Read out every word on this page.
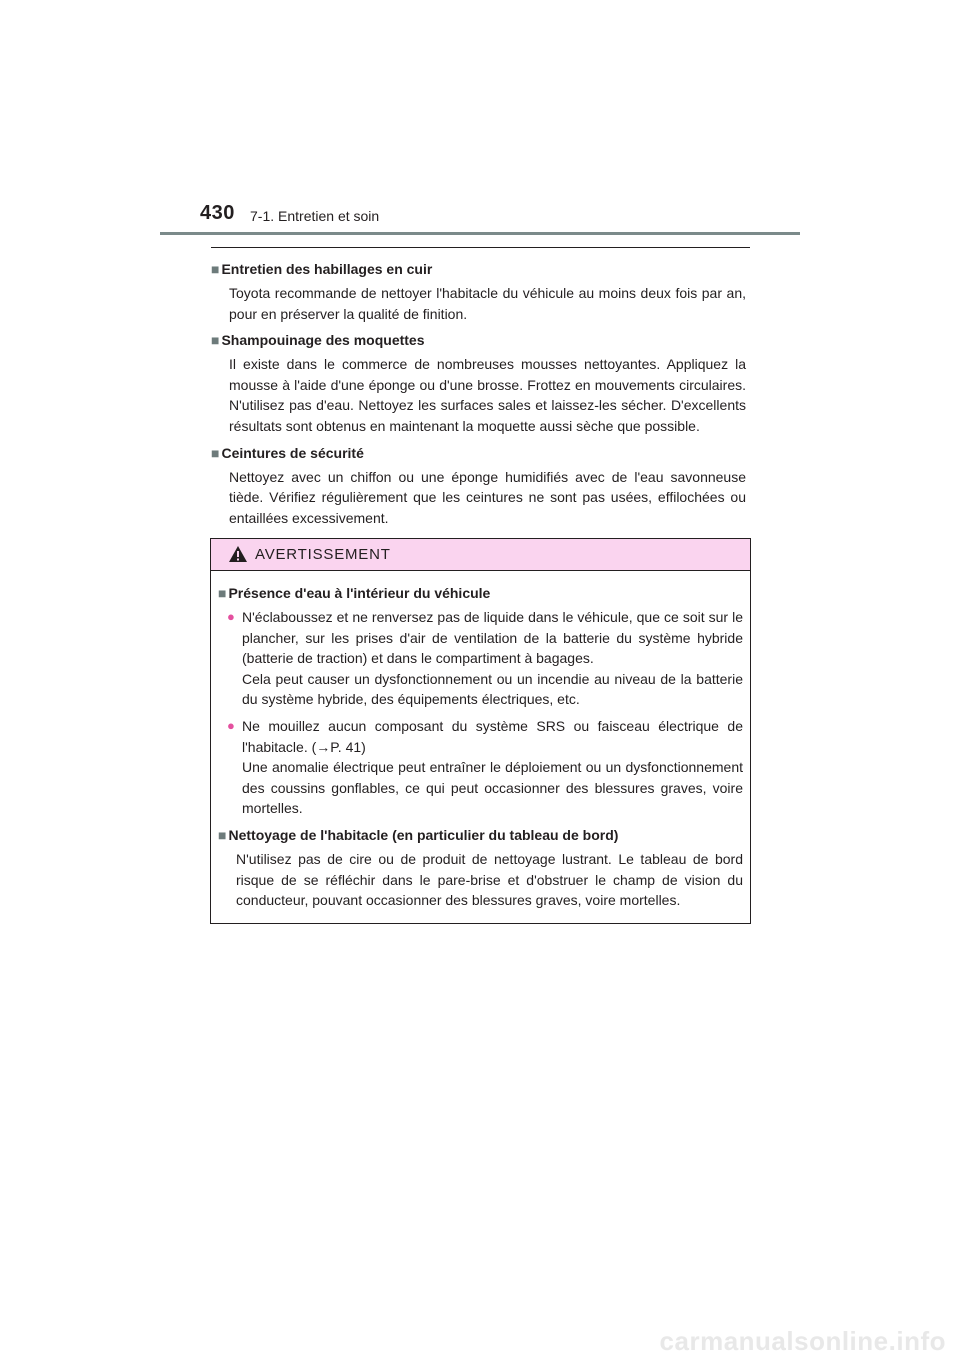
430 7-1. Entretien et soin
■ Entretien des habillages en cuir
Toyota recommande de nettoyer l'habitacle du véhicule au moins deux fois par an, pour en préserver la qualité de finition.
■ Shampouinage des moquettes
Il existe dans le commerce de nombreuses mousses nettoyantes. Appliquez la mousse à l'aide d'une éponge ou d'une brosse. Frottez en mouvements circulaires. N'utilisez pas d'eau. Nettoyez les surfaces sales et laissez-les sécher. D'excellents résultats sont obtenus en maintenant la moquette aussi sèche que possible.
■ Ceintures de sécurité
Nettoyez avec un chiffon ou une éponge humidifiés avec de l'eau savonneuse tiède. Vérifiez régulièrement que les ceintures ne sont pas usées, effilochées ou entaillées excessivement.
AVERTISSEMENT
■ Présence d'eau à l'intérieur du véhicule
● N'éclaboussez et ne renversez pas de liquide dans le véhicule, que ce soit sur le plancher, sur les prises d'air de ventilation de la batterie du système hybride (batterie de traction) et dans le compartiment à bagages.
Cela peut causer un dysfonctionnement ou un incendie au niveau de la batterie du système hybride, des équipements électriques, etc.
● Ne mouillez aucun composant du système SRS ou faisceau électrique de l'habitacle. (→P. 41)
Une anomalie électrique peut entraîner le déploiement ou un dysfonctionnement des coussins gonflables, ce qui peut occasionner des blessures graves, voire mortelles.
■ Nettoyage de l'habitacle (en particulier du tableau de bord)
N'utilisez pas de cire ou de produit de nettoyage lustrant. Le tableau de bord risque de se réfléchir dans le pare-brise et d'obstruer le champ de vision du conducteur, pouvant occasionner des blessures graves, voire mortelles.
carmanualsonline.info
